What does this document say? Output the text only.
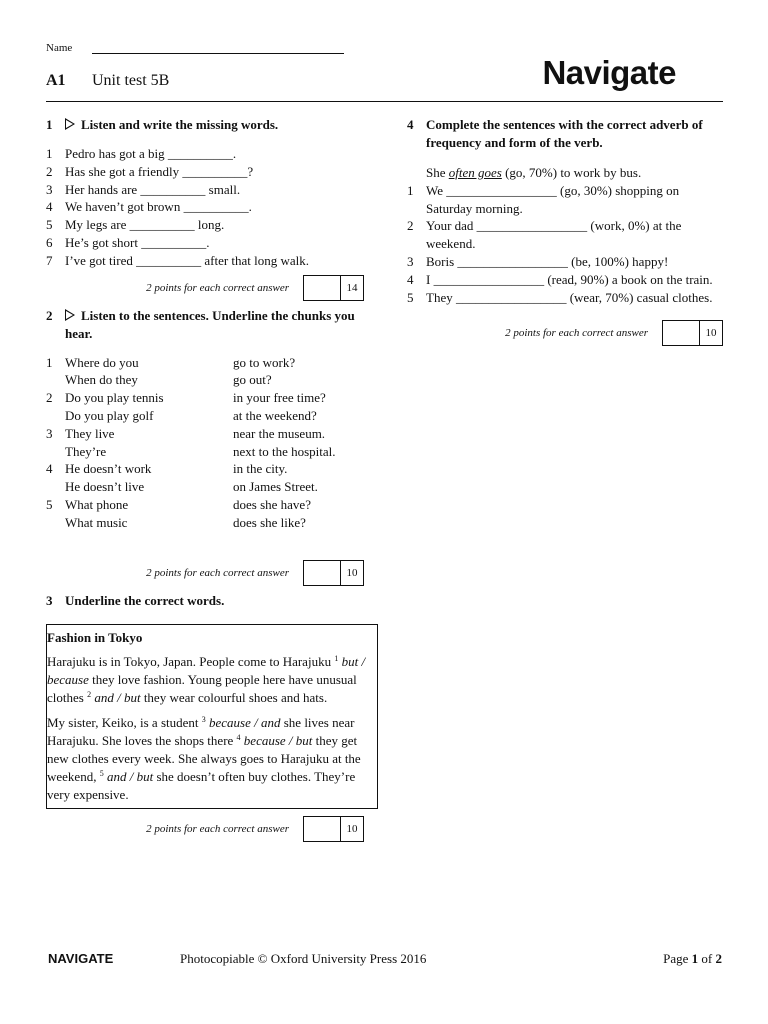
Name
A1 Unit test 5B	Navigate
1	Listen and write the missing words.
1 Pedro has got a big __________.
2 Has she got a friendly __________?
3 Her hands are __________ small.
4 We haven’t got brown __________.
5 My legs are __________ long.
6 He’s got short __________.
7 I’ve got tired __________ after that long walk.
2 points for each correct answer	14
2	Listen to the sentences. Underline the chunks you hear.
1 Where do you	go to work?
When do they	go out?
2 Do you play tennis	in your free time?
Do you play golf	at the weekend?
3 They live	near the museum.
They’re	next to the hospital.
4 He doesn’t work	in the city.
He doesn’t live	on James Street.
5 What phone	does she have?
What music	does she like?
2 points for each correct answer	10
3 Underline the correct words.
Fashion in Tokyo

Harajuku is in Tokyo, Japan. People come to Harajuku $^1$ but / because they love fashion. Young people here have unusual clothes $^2$ and / but they wear colourful shoes and hats.

My sister, Keiko, is a student $^3$ because / and she lives near Harajuku. She loves the shops there $^4$ because / but they get new clothes every week. She always goes to Harajuku at the weekend, $^5$ and / but she doesn’t often buy clothes. They’re very expensive.

2 points for each correct answer	10
4 Complete the sentences with the correct adverb of frequency and form of the verb.
She often goes (go, 70%) to work by bus.
1 We _________________ (go, 30%) shopping on Saturday morning.
2 Your dad _________________ (work, 0%) at the weekend.
3 Boris _________________ (be, 100%) happy!
4 I _________________ (read, 90%) a book on the train.
5 They _________________ (wear, 70%) casual clothes.
2 points for each correct answer	10
NAVIGATE	Photocopiable © Oxford University Press 2016	Page 1 of 2
